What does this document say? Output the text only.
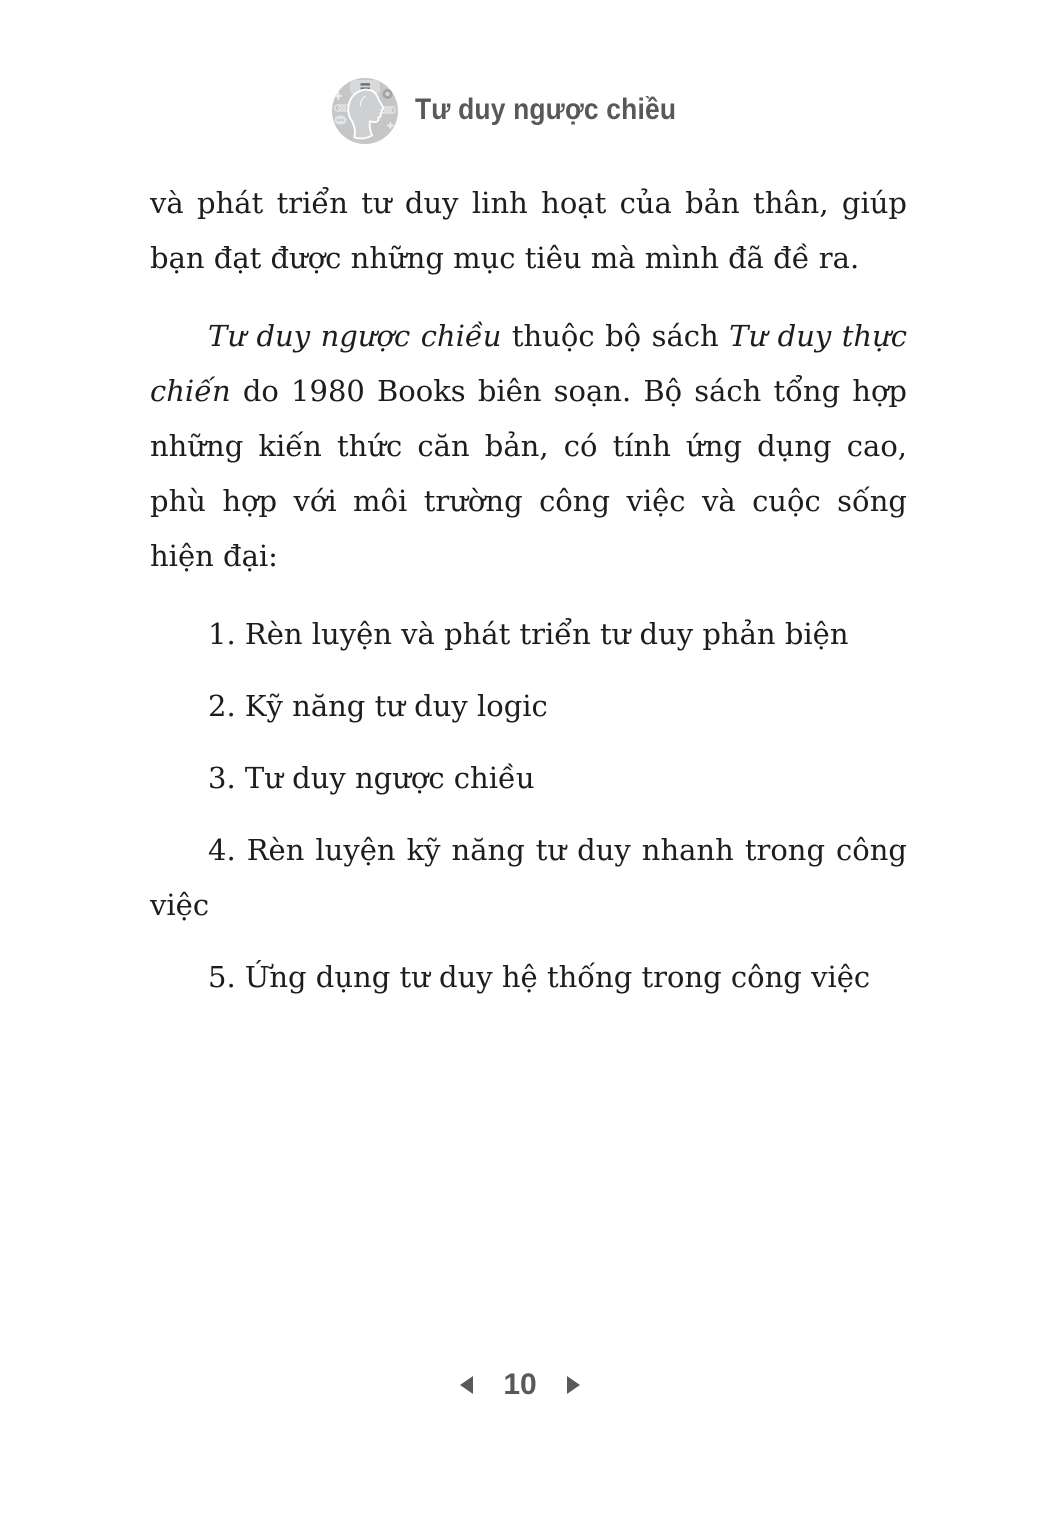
Tư duy ngược chiều

và phát triển tư duy linh hoạt của bản thân, giúp bạn đạt được những mục tiêu mà mình đã đề ra.

Tư duy ngược chiều thuộc bộ sách Tư duy thực chiến do 1980 Books biên soạn. Bộ sách tổng hợp những kiến thức căn bản, có tính ứng dụng cao, phù hợp với môi trường công việc và cuộc sống hiện đại:

1. Rèn luyện và phát triển tư duy phản biện

2. Kỹ năng tư duy logic

3. Tư duy ngược chiều

4. Rèn luyện kỹ năng tư duy nhanh trong công việc

5. Ứng dụng tư duy hệ thống trong công việc

10
